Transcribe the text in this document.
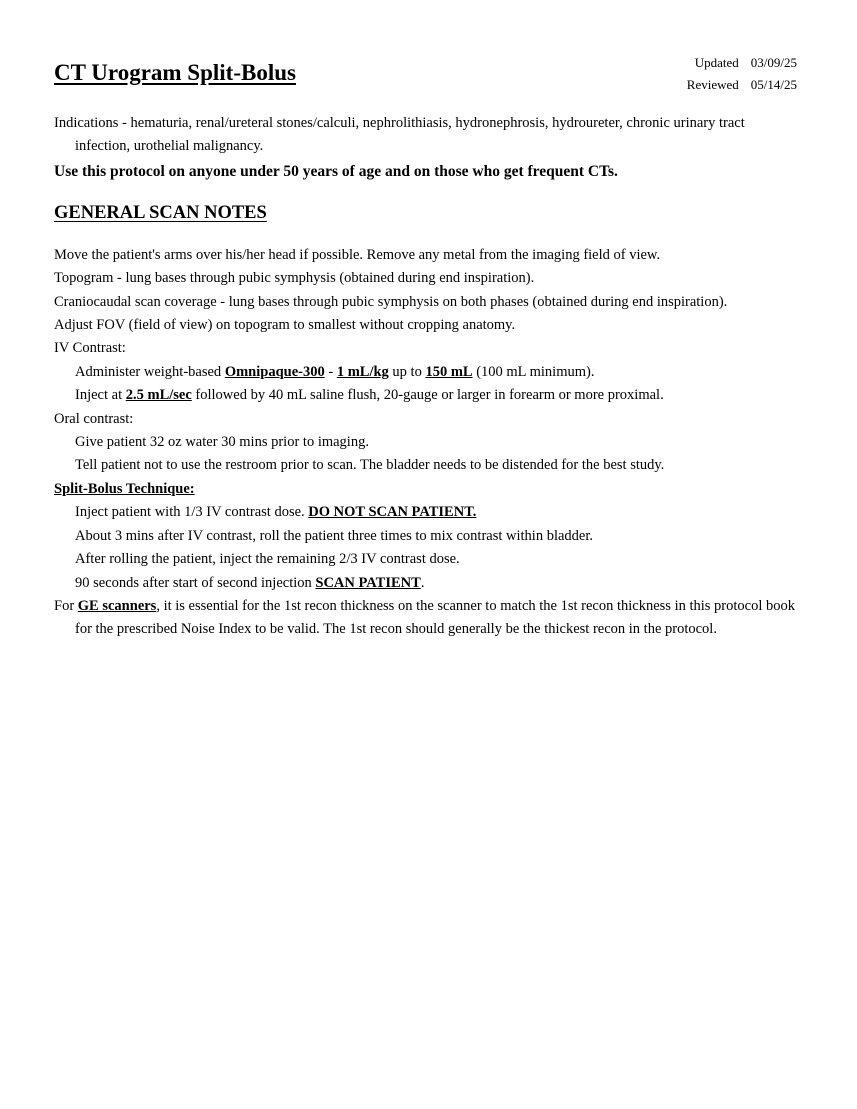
CT Urogram Split-Bolus	Updated 03/09/25
Reviewed 05/14/25

Indications - hematuria, renal/ureteral stones/calculi, nephrolithiasis, hydronephrosis, hydroureter, chronic urinary tract infection, urothelial malignancy.

Use this protocol on anyone under 50 years of age and on those who get frequent CTs.

GENERAL SCAN NOTES

Move the patient's arms over his/her head if possible. Remove any metal from the imaging field of view.

Topogram - lung bases through pubic symphysis (obtained during end inspiration).

Craniocaudal scan coverage - lung bases through pubic symphysis on both phases (obtained during end inspiration).

Adjust FOV (field of view) on topogram to smallest without cropping anatomy.

IV Contrast:

Administer weight-based Omnipaque-300 - 1 mL/kg up to 150 mL (100 mL minimum).

Inject at 2.5 mL/sec followed by 40 mL saline flush, 20-gauge or larger in forearm or more proximal.

Oral contrast:

Give patient 32 oz water 30 mins prior to imaging.

Tell patient not to use the restroom prior to scan. The bladder needs to be distended for the best study.

Split-Bolus Technique:

Inject patient with 1/3 IV contrast dose. DO NOT SCAN PATIENT.

About 3 mins after IV contrast, roll the patient three times to mix contrast within bladder.

After rolling the patient, inject the remaining 2/3 IV contrast dose.

90 seconds after start of second injection SCAN PATIENT.

For GE scanners, it is essential for the 1st recon thickness on the scanner to match the 1st recon thickness in this protocol book for the prescribed Noise Index to be valid. The 1st recon should generally be the thickest recon in the protocol.
